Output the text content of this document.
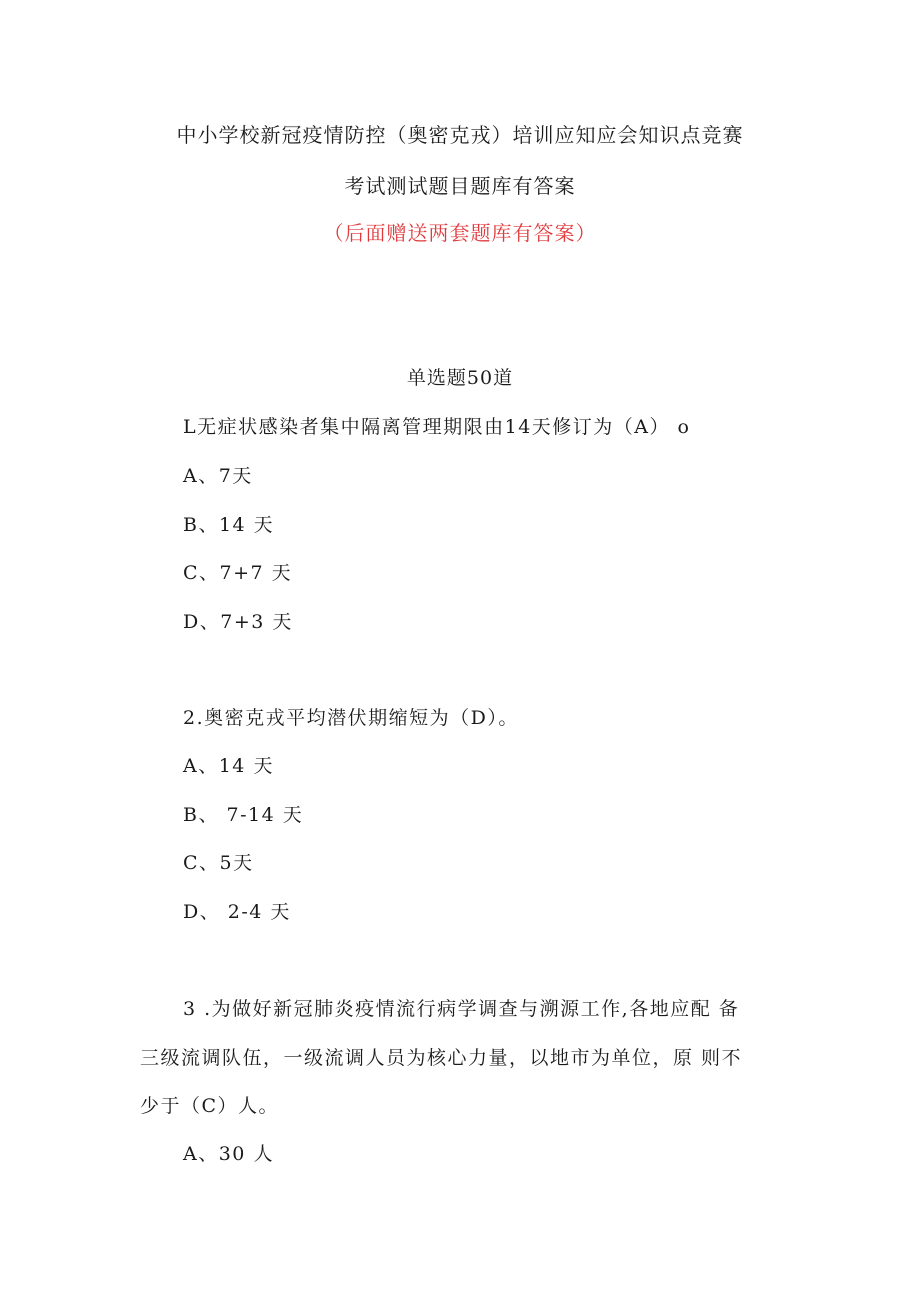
中小学校新冠疫情防控（奥密克戎）培训应知应会知识点竞赛
考试测试题目题库有答案
（后面赠送两套题库有答案）
单选题50道
L无症状感染者集中隔离管理期限由14天修订为（A） o
A、7天
B、14 天
C、7+7 天
D、7+3 天
2.奥密克戎平均潜伏期缩短为（D）。
A、14 天
B、 7-14 天
C、5天
D、 2-4 天
3 .为做好新冠肺炎疫情流行病学调查与溯源工作,各地应配 备
三级流调队伍，一级流调人员为核心力量，以地市为单位，原 则不
少于（C）人。
A、30 人
